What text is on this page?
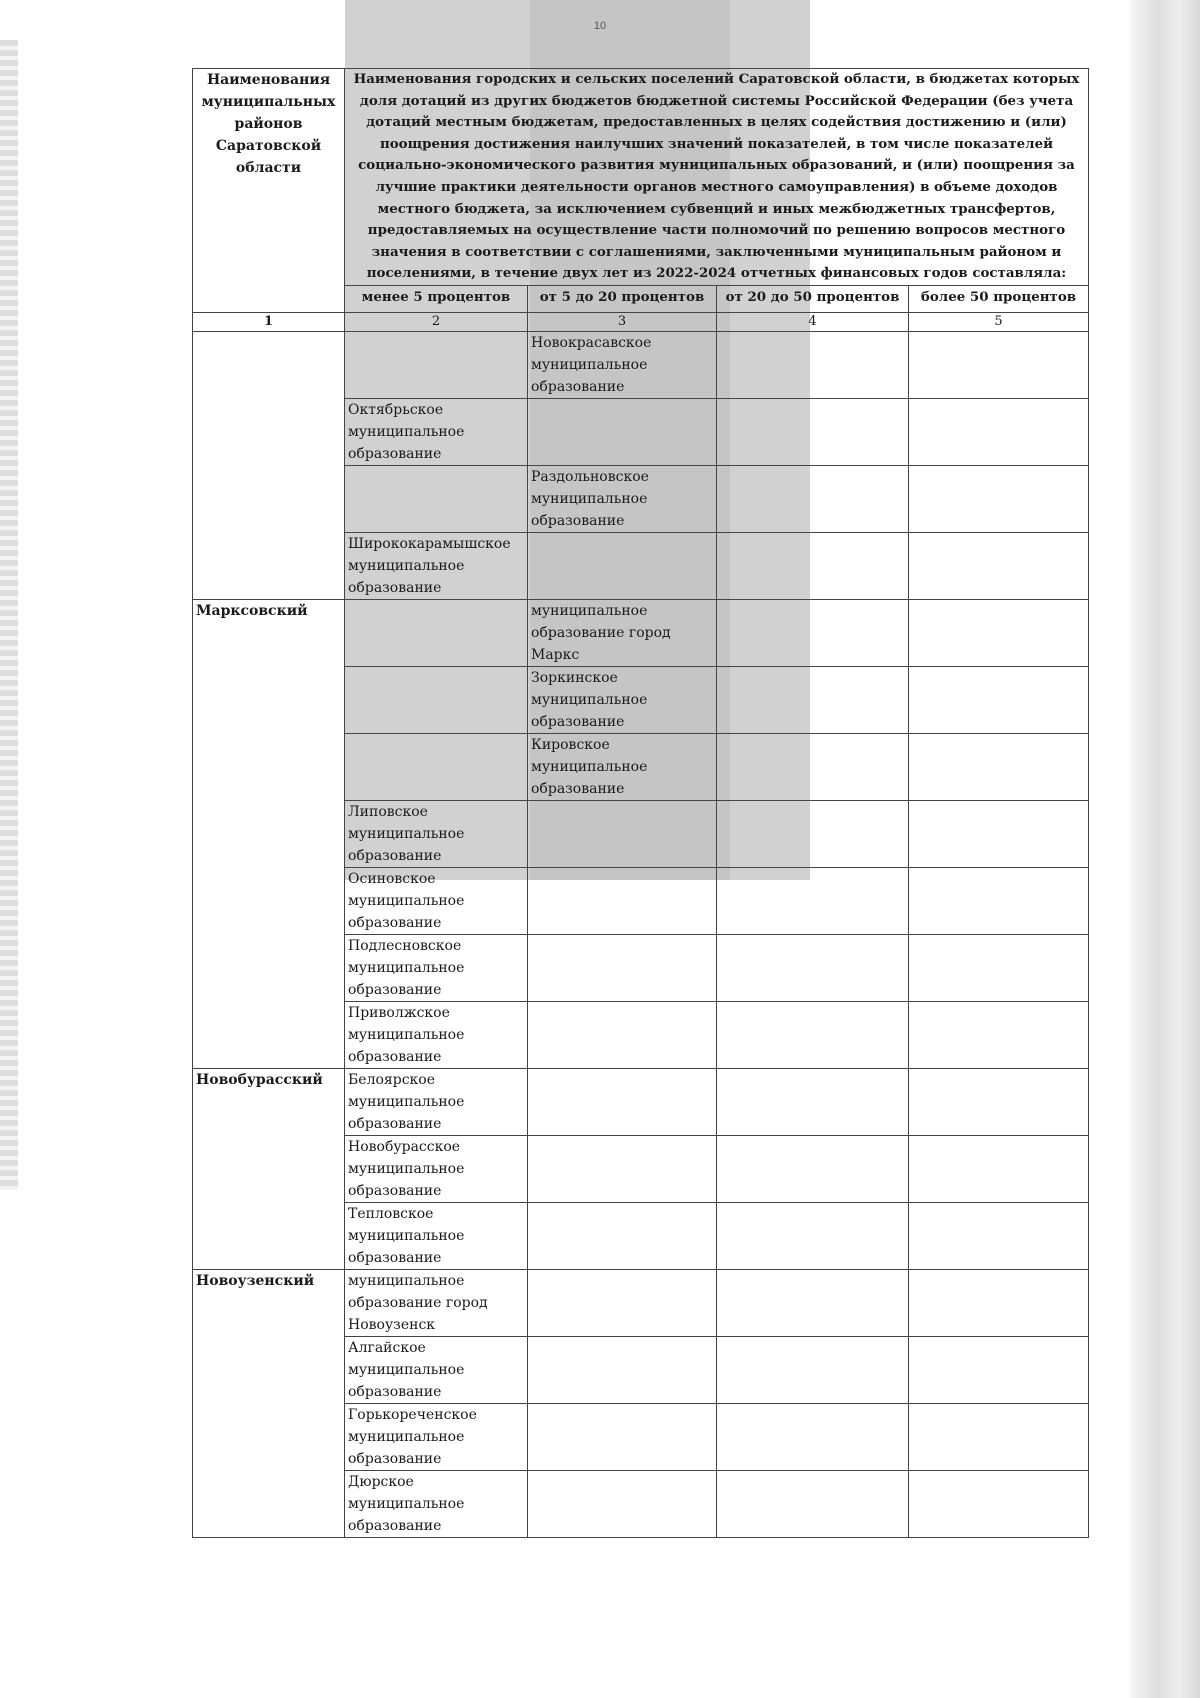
10
Наименования муниципальных районов Саратовской области	Наименования городских и сельских поселений Саратовской области, в бюджетах которых доля дотаций из других бюджетов бюджетной системы Российской Федерации (без учета дотаций местным бюджетам, предоставленных в целях содействия достижению и (или) поощрения достижения наилучших значений показателей, в том числе показателей социально-экономического развития муниципальных образований, и (или) поощрения за лучшие практики деятельности органов местного самоуправления) в объеме доходов местного бюджета, за исключением субвенций и иных межбюджетных трансфертов, предоставляемых на осуществление части полномочий по решению вопросов местного значения в соответствии с соглашениями, заключенными муниципальным районом и поселениями, в течение двух лет из 2022-2024 отчетных финансовых годов составляла:			
	менее 5 процентов	от 5 до 20 процентов	от 20 до 50 процентов	более 50 процентов
1	2	3	4	5
		Новокрасавское муниципальное образование		
	Октябрьское муниципальное образование			
		Раздольновское муниципальное образование		
	Ширококарамышское муниципальное образование			
Марксовский		муниципальное образование город Маркс		
		Зоркинское муниципальное образование		
		Кировское муниципальное образование		
	Липовское муниципальное образование			
	Осиновское муниципальное образование			
	Подлесновское муниципальное образование			
	Приволжское муниципальное образование			
Новобурасский	Белоярское муниципальное образование			
	Новобурасское муниципальное образование			
	Тепловское муниципальное образование			
Новоузенский	муниципальное образование город Новоузенск			
	Алгайское муниципальное образование			
	Горькореченское муниципальное образование			
	Дюрское муниципальное образование			
